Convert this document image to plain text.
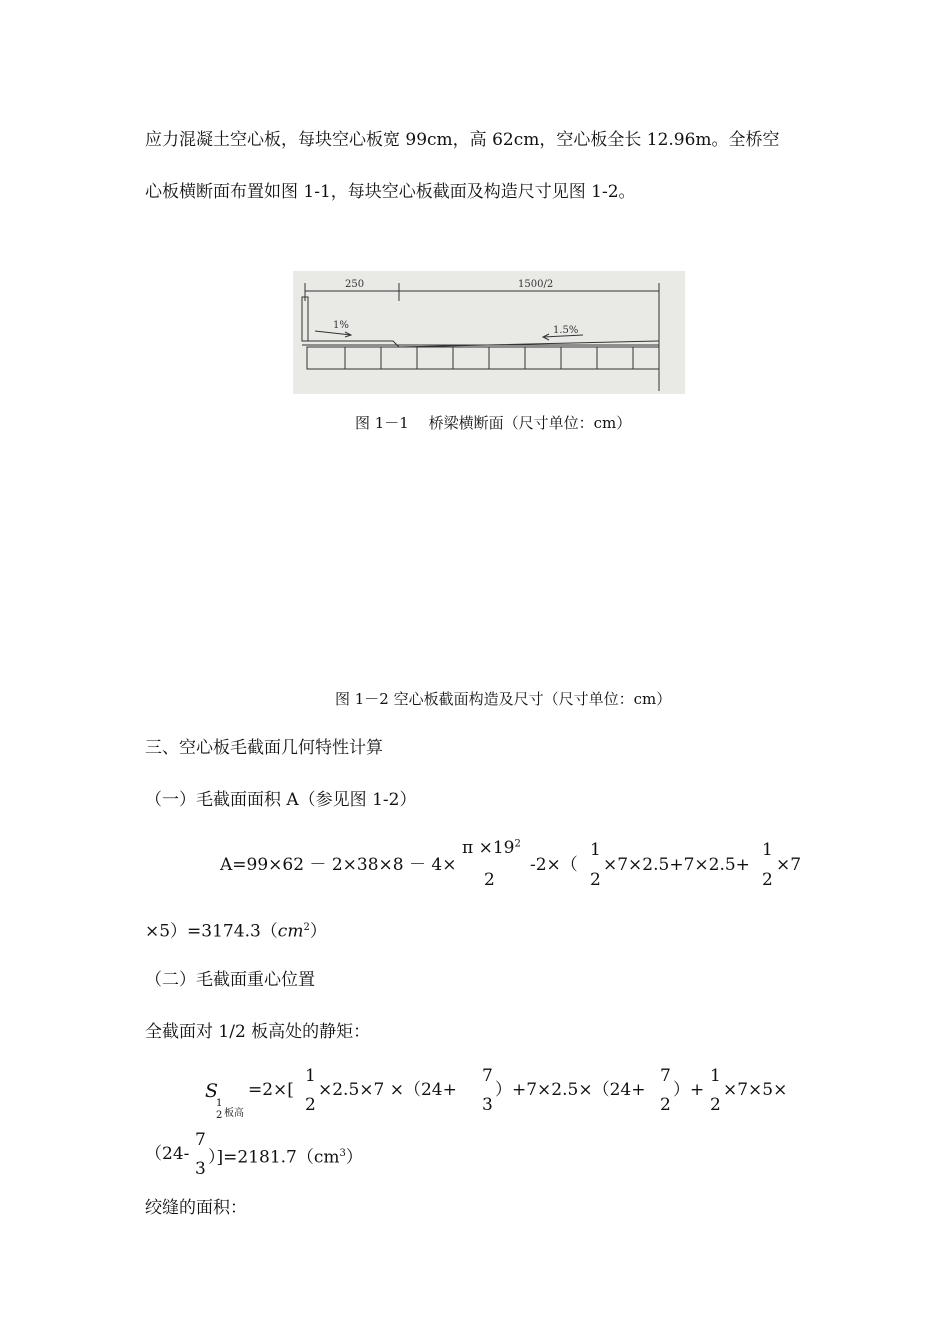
应力混凝土空心板，每块空心板宽 99cm，高 62cm，空心板全长 12.96m。全桥空
心板横断面布置如图 1-1，每块空心板截面及构造尺寸见图 1-2。
250	1500/2
1%	1.5%
图 1－1　 桥梁横断面（尺寸单位：cm）
图 1－2 空心板截面构造及尺寸（尺寸单位：cm）
三、空心板毛截面几何特性计算
（一）毛截面面积 A（参见图 1-2）
A=99×62 － 2×38×8 － 4×
$\pi \times 19^2$
2
-2×（
1
2
×7×2.5+7×2.5+
1
2
×7
$\times 5)=3174.3(cm^2)$
（二）毛截面重心位置
全截面对 1/2 板高处的静矩：
S
1
2 板高
=2×[
1
2
×2.5×7 ×（24+
7
3
）+7×2.5×（24+
7
2
）+
1
2
×7×5×
（24-
7
3
）]$=2181.7(cm^3)$
绞缝的面积：
